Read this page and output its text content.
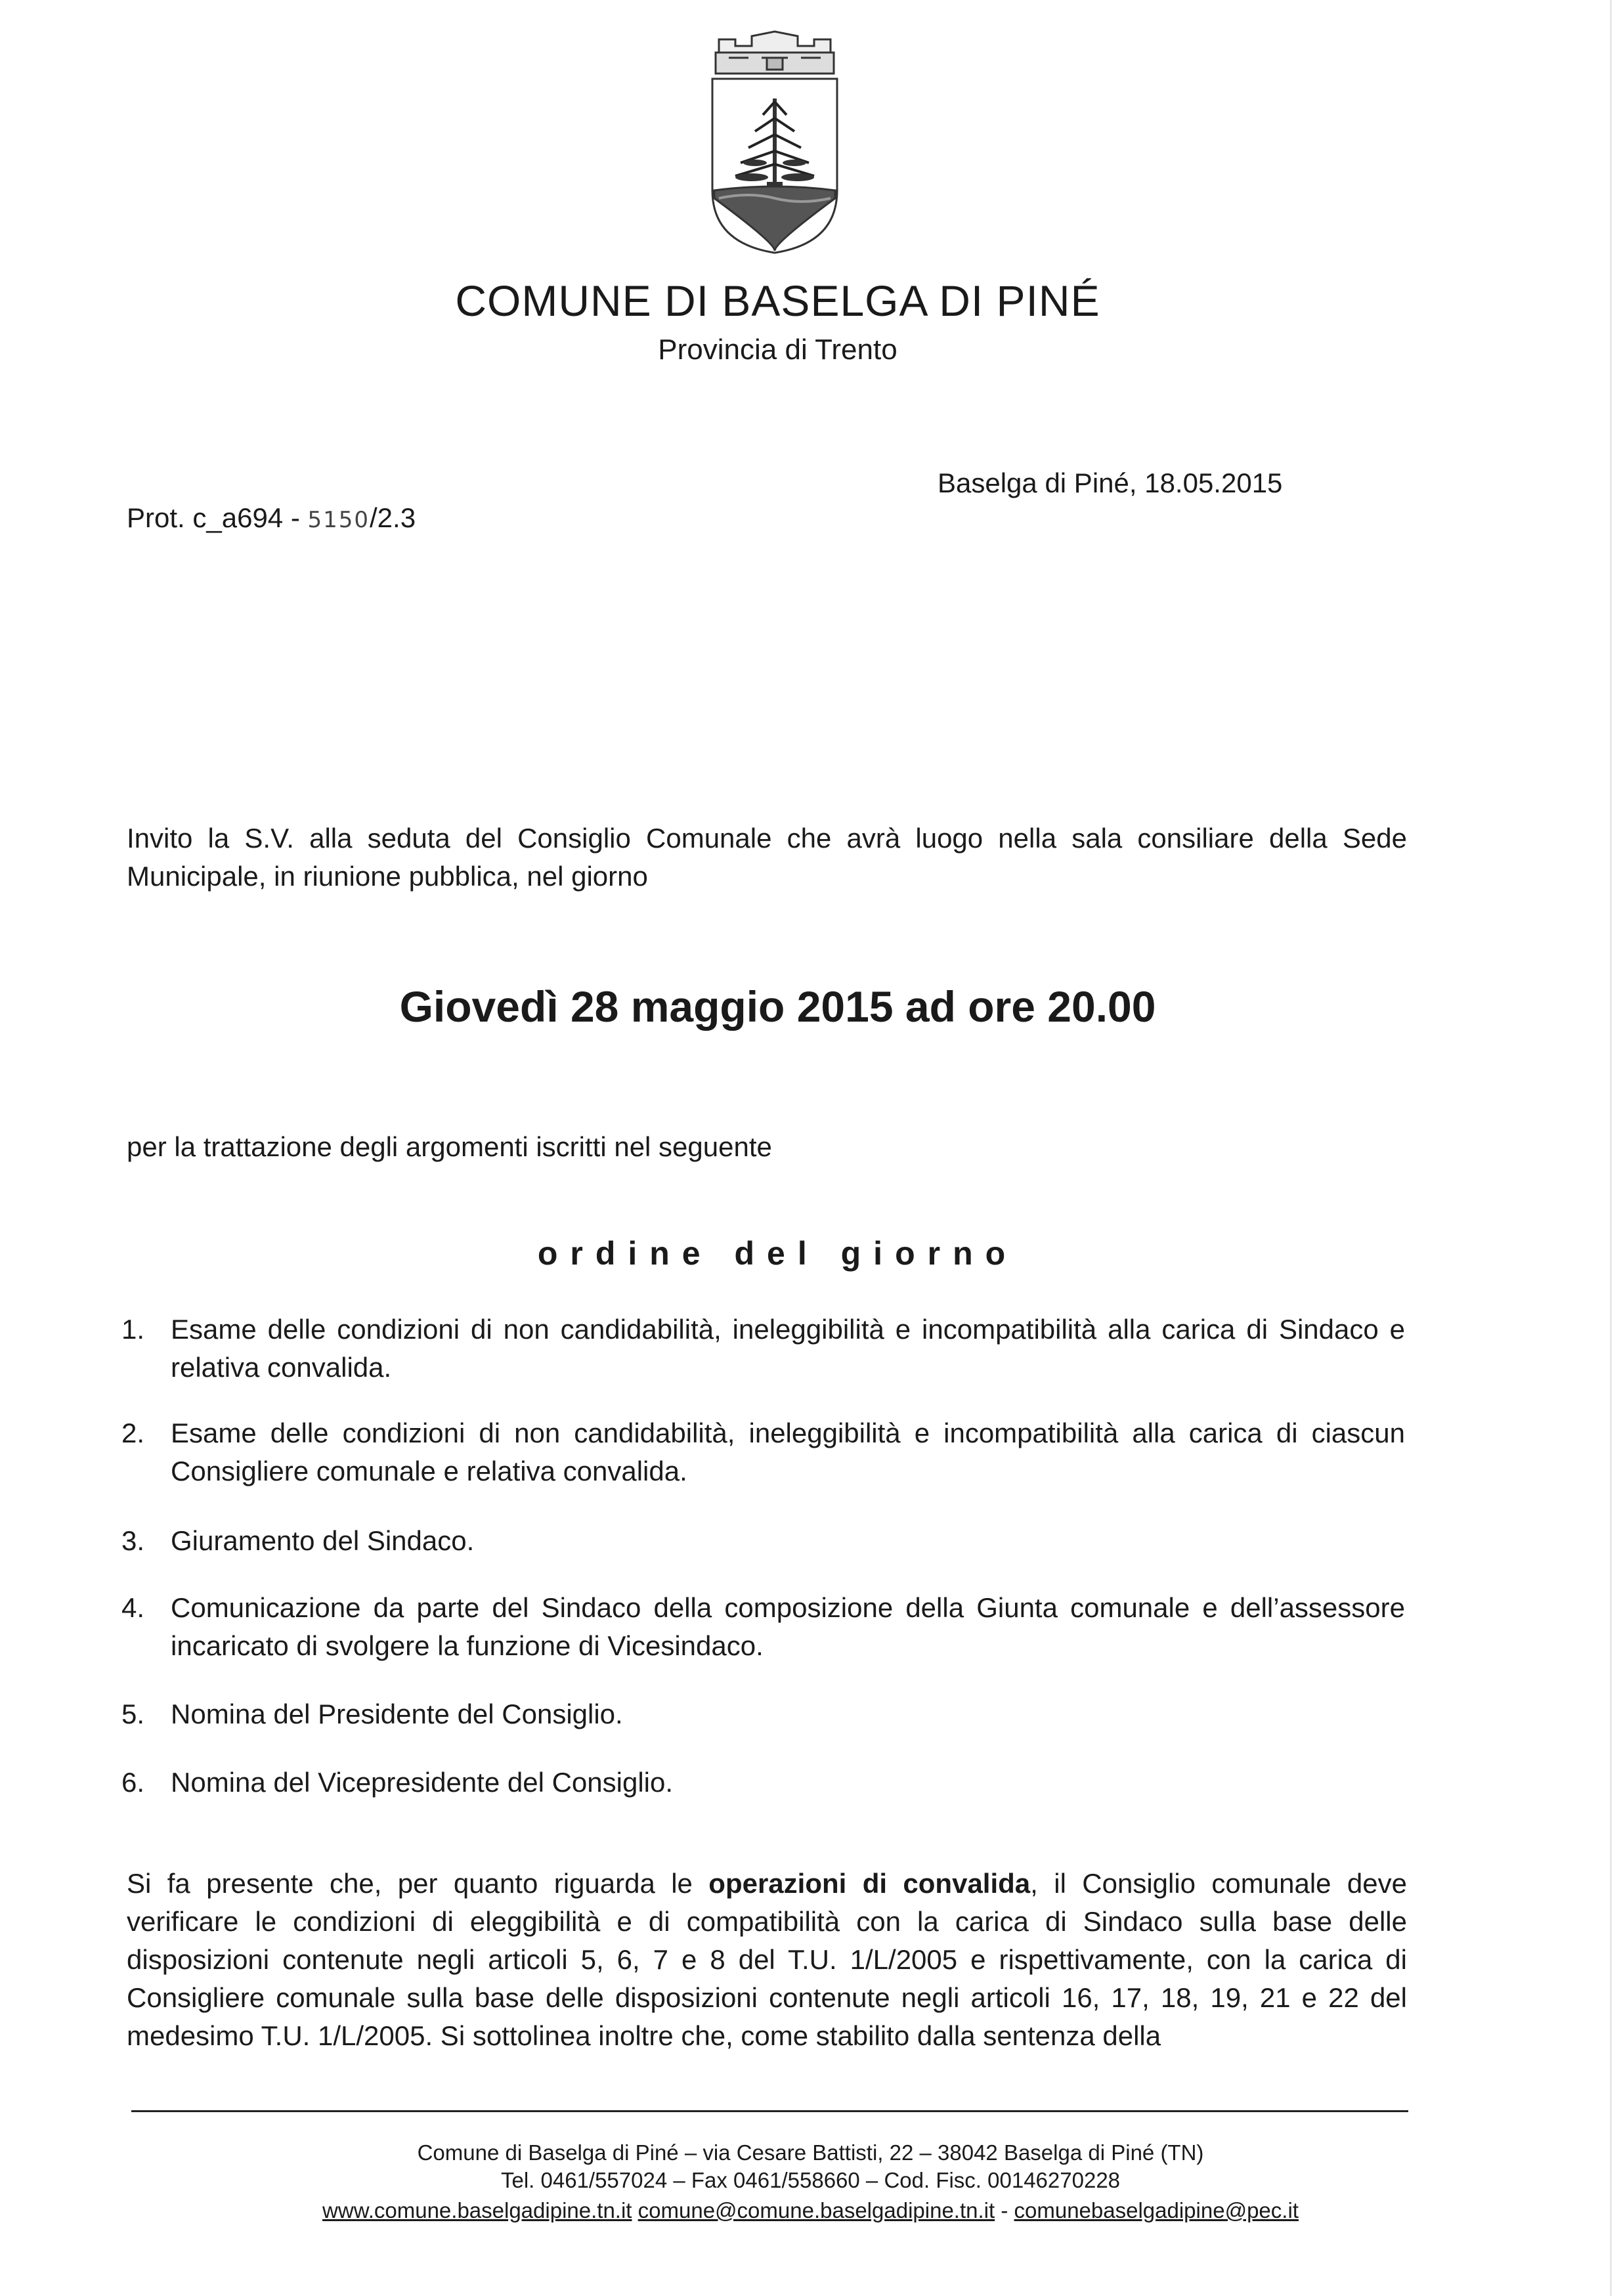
COMUNE DI BASELGA DI PINÉ
Provincia di Trento
Prot. c_a694 - 5150/2.3
Baselga di Piné, 18.05.2015
Invito la S.V. alla seduta del Consiglio Comunale che avrà luogo nella sala consiliare della Sede Municipale, in riunione pubblica, nel giorno
Giovedì 28 maggio 2015 ad ore 20.00
per la trattazione degli argomenti iscritti nel seguente
ordine del giorno
1. Esame delle condizioni di non candidabilità, ineleggibilità e incompatibilità alla carica di Sindaco e relativa convalida.
2. Esame delle condizioni di non candidabilità, ineleggibilità e incompatibilità alla carica di ciascun Consigliere comunale e relativa convalida.
3. Giuramento del Sindaco.
4. Comunicazione da parte del Sindaco della composizione della Giunta comunale e dell’assessore incaricato di svolgere la funzione di Vicesindaco.
5. Nomina del Presidente del Consiglio.
6. Nomina del Vicepresidente del Consiglio.
Si fa presente che, per quanto riguarda le operazioni di convalida, il Consiglio comunale deve verificare le condizioni di eleggibilità e di compatibilità con la carica di Sindaco sulla base delle disposizioni contenute negli articoli 5, 6, 7 e 8 del T.U. 1/L/2005 e rispettivamente, con la carica di Consigliere comunale sulla base delle disposizioni contenute negli articoli 16, 17, 18, 19, 21 e 22 del medesimo T.U. 1/L/2005. Si sottolinea inoltre che, come stabilito dalla sentenza della
Comune di Baselga di Piné – via Cesare Battisti, 22 – 38042 Baselga di Piné (TN)
Tel. 0461/557024 – Fax 0461/558660 – Cod. Fisc. 00146270228
www.comune.baselgadipine.tn.it comune@comune.baselgadipine.tn.it - comunebaselgadipine@pec.it
